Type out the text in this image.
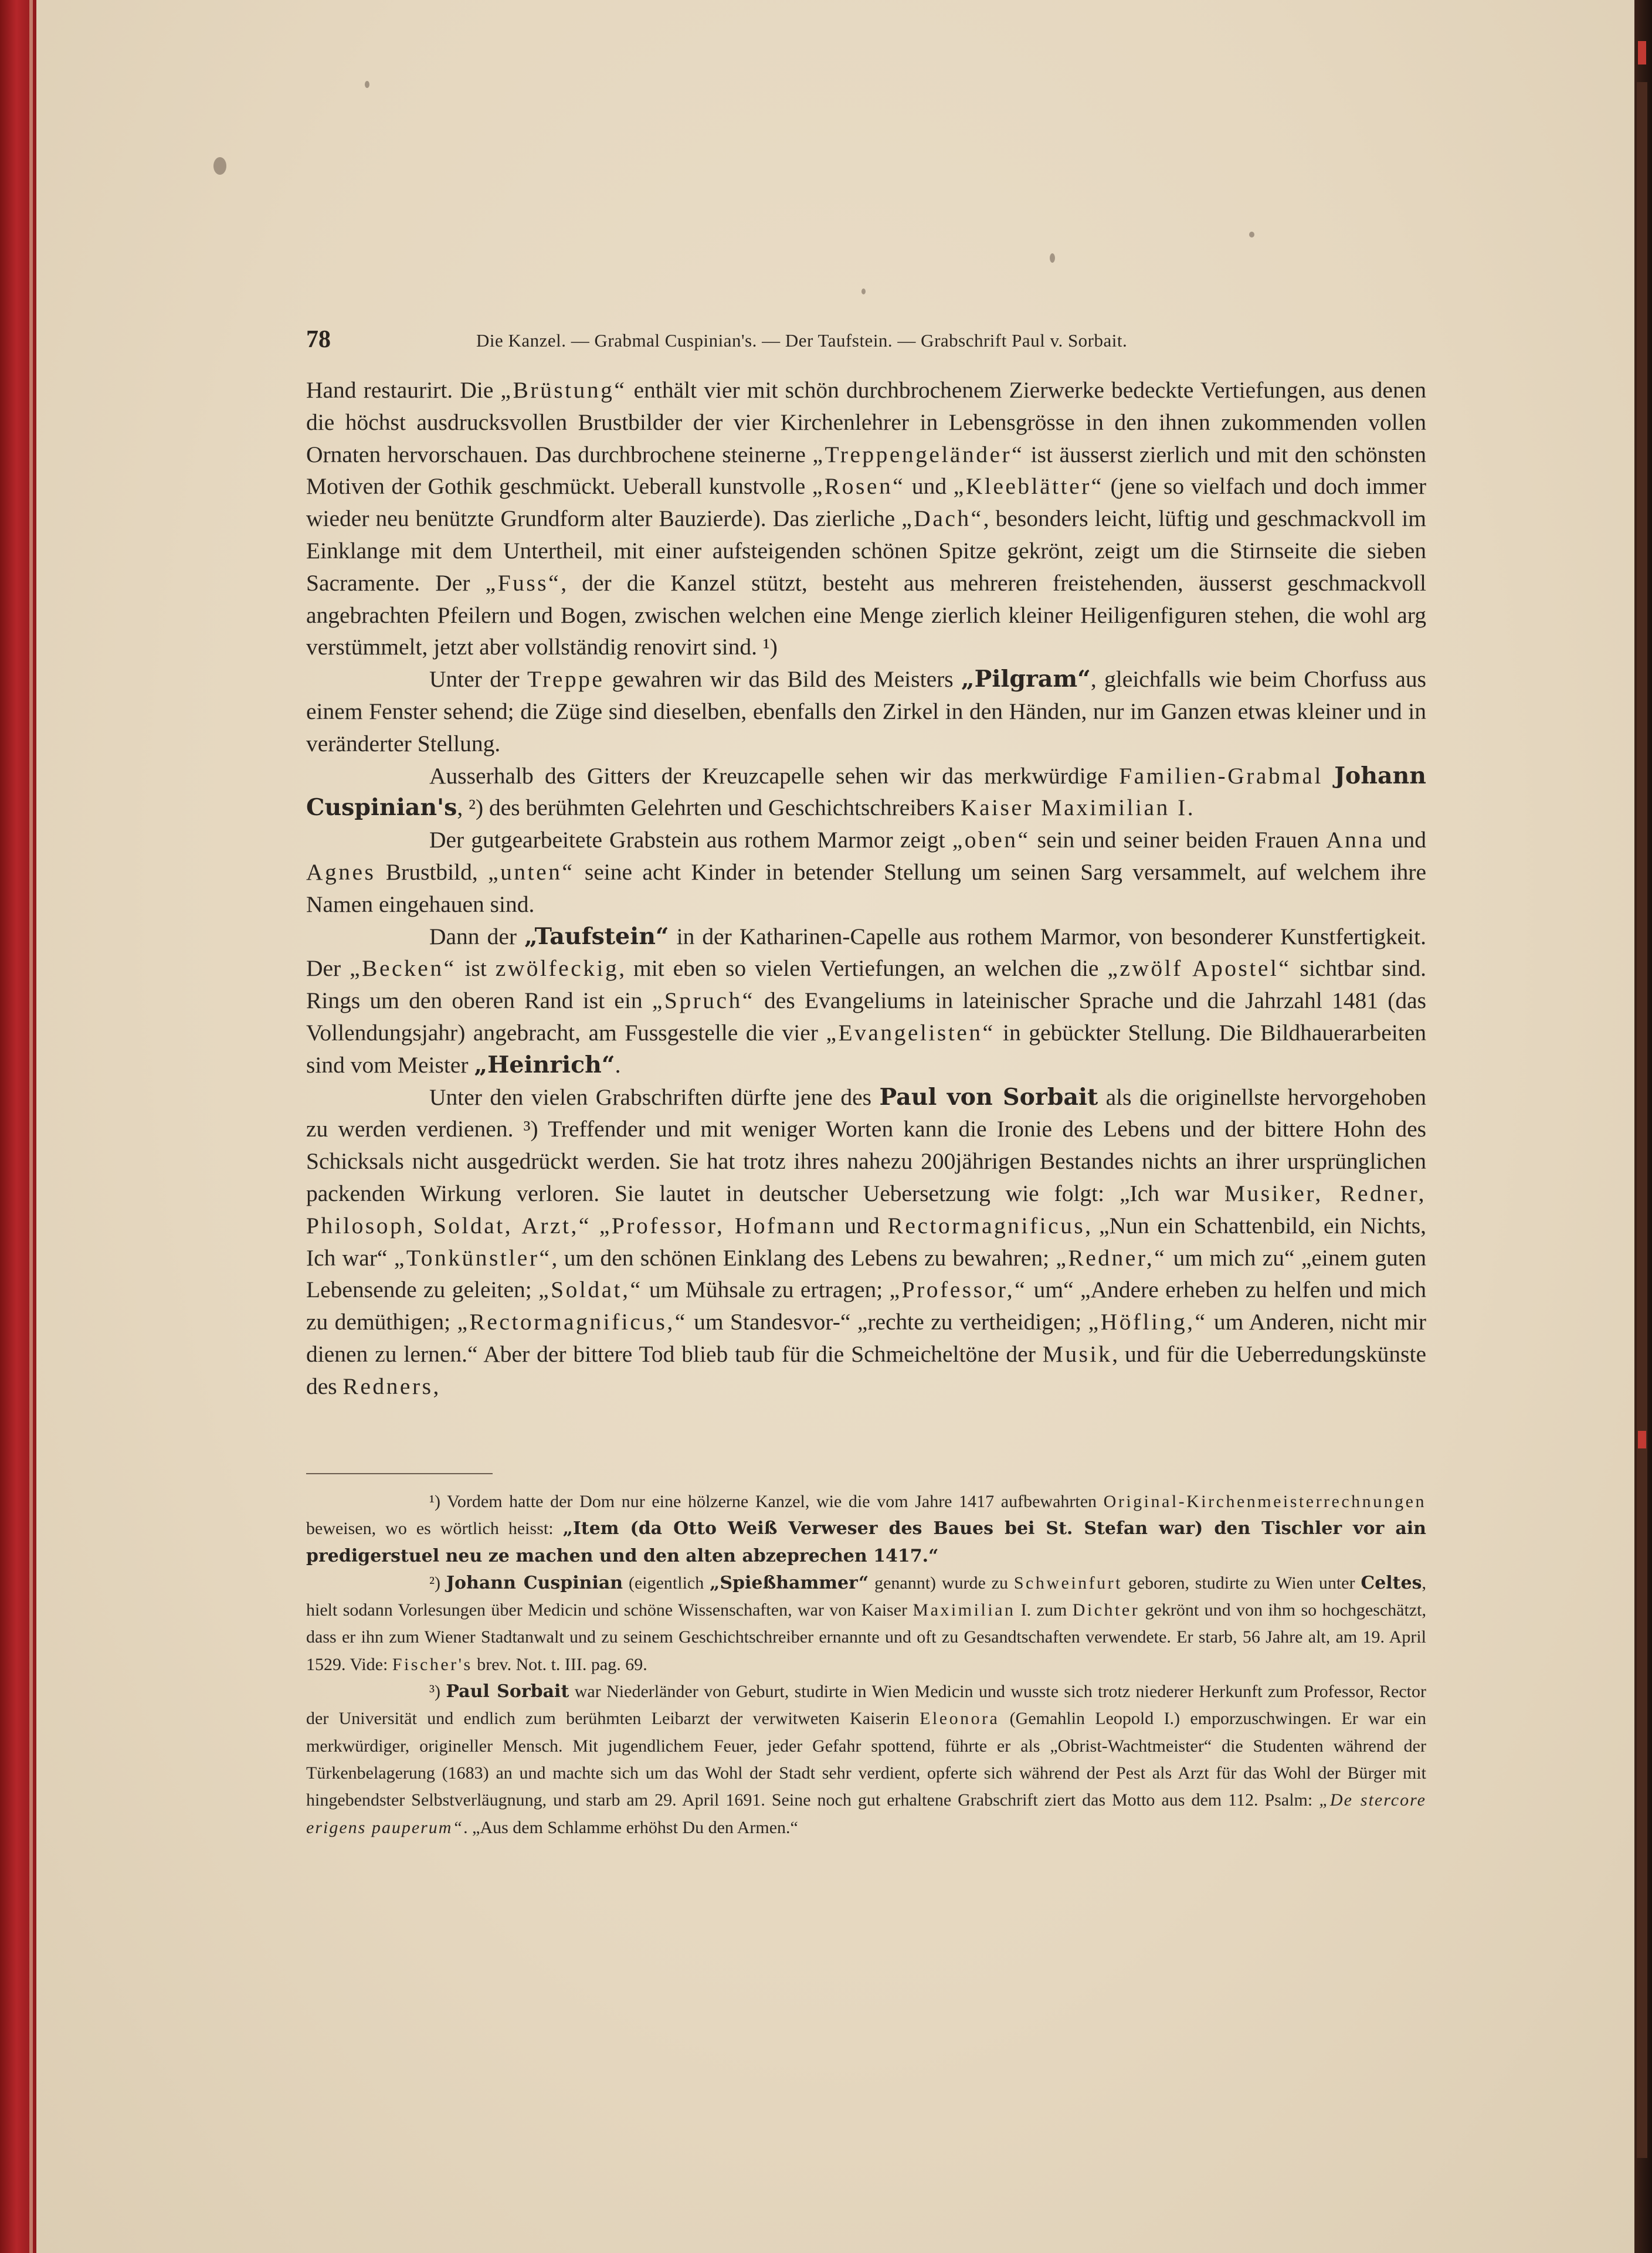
78	Die Kanzel. — Grabmal Cuspinian's. — Der Taufstein. — Grabschrift Paul v. Sorbait.

Hand restaurirt. Die „Brüstung“ enthält vier mit schön durchbrochenem Zierwerke bedeckte Vertiefungen, aus denen die höchst ausdrucksvollen Brustbilder der vier Kirchenlehrer in Lebensgrösse in den ihnen zukommenden vollen Ornaten hervorschauen. Das durchbrochene steinerne „Treppengeländer“ ist äusserst zierlich und mit den schönsten Motiven der Gothik geschmückt. Ueberall kunstvolle „Rosen“ und „Kleeblätter“ (jene so vielfach und doch immer wieder neu benützte Grundform alter Bauzierde). Das zierliche „Dach“, besonders leicht, lüftig und geschmackvoll im Einklange mit dem Untertheil, mit einer aufsteigenden schönen Spitze gekrönt, zeigt um die Stirnseite die sieben Sacramente. Der „Fuss“, der die Kanzel stützt, besteht aus mehreren freistehenden, äusserst geschmackvoll angebrachten Pfeilern und Bogen, zwischen welchen eine Menge zierlich kleiner Heiligenfiguren stehen, die wohl arg verstümmelt, jetzt aber vollständig renovirt sind. ¹)

Unter der Treppe gewahren wir das Bild des Meisters „Pilgram“, gleichfalls wie beim Chorfuss aus einem Fenster sehend; die Züge sind dieselben, ebenfalls den Zirkel in den Händen, nur im Ganzen etwas kleiner und in veränderter Stellung.

Ausserhalb des Gitters der Kreuzcapelle sehen wir das merkwürdige Familien-Grabmal Johann Cuspinian's, ²) des berühmten Gelehrten und Geschichtschreibers Kaiser Maximilian I.

Der gutgearbeitete Grabstein aus rothem Marmor zeigt „oben“ sein und seiner beiden Frauen Anna und Agnes Brustbild, „unten“ seine acht Kinder in betender Stellung um seinen Sarg versammelt, auf welchem ihre Namen eingehauen sind.

Dann der „Taufstein“ in der Katharinen-Capelle aus rothem Marmor, von besonderer Kunstfertigkeit. Der „Becken“ ist zwölfeckig, mit eben so vielen Vertiefungen, an welchen die „zwölf Apostel“ sichtbar sind. Rings um den oberen Rand ist ein „Spruch“ des Evangeliums in lateinischer Sprache und die Jahrzahl 1481 (das Vollendungsjahr) angebracht, am Fussgestelle die vier „Evangelisten“ in gebückter Stellung. Die Bildhauerarbeiten sind vom Meister „Heinrich“.

Unter den vielen Grabschriften dürfte jene des Paul von Sorbait als die originellste hervorgehoben zu werden verdienen. ³) Treffender und mit weniger Worten kann die Ironie des Lebens und der bittere Hohn des Schicksals nicht ausgedrückt werden. Sie hat trotz ihres nahezu 200jährigen Bestandes nichts an ihrer ursprünglichen packenden Wirkung verloren. Sie lautet in deutscher Uebersetzung wie folgt: „Ich war Musiker, Redner, Philosoph, Soldat, Arzt,“ „Professor, Hofmann und Rectormagnificus, „Nun ein Schattenbild, ein Nichts, Ich war“ „Tonkünstler“, um den schönen Einklang des Lebens zu bewahren; „Redner,“ um mich zu“ „einem guten Lebensende zu geleiten; „Soldat,“ um Mühsale zu ertragen; „Professor,“ um“ „Andere erheben zu helfen und mich zu demüthigen; „Rectormagnificus,“ um Standesvor-“ „rechte zu vertheidigen; „Höfling,“ um Anderen, nicht mir dienen zu lernen.“ Aber der bittere Tod blieb taub für die Schmeicheltöne der Musik, und für die Ueberredungskünste des Redners,

¹) Vordem hatte der Dom nur eine hölzerne Kanzel, wie die vom Jahre 1417 aufbewahrten Original-Kirchenmeisterrechnungen beweisen, wo es wörtlich heisst: „Item (da Otto Weiß Verweser des Baues bei St. Stefan war) den Tischler vor ain predigerstuel neu ze machen und den alten abzeprechen 1417.“

²) Johann Cuspinian (eigentlich „Spießhammer“ genannt) wurde zu Schweinfurt geboren, studirte zu Wien unter Celtes, hielt sodann Vorlesungen über Medicin und schöne Wissenschaften, war von Kaiser Maximilian I. zum Dichter gekrönt und von ihm so hochgeschätzt, dass er ihn zum Wiener Stadtanwalt und zu seinem Geschichtschreiber ernannte und oft zu Gesandtschaften verwendete. Er starb, 56 Jahre alt, am 19. April 1529. Vide: Fischer's brev. Not. t. III. pag. 69.

³) Paul Sorbait war Niederländer von Geburt, studirte in Wien Medicin und wusste sich trotz niederer Herkunft zum Professor, Rector der Universität und endlich zum berühmten Leibarzt der verwitweten Kaiserin Eleonora (Gemahlin Leopold I.) emporzuschwingen. Er war ein merkwürdiger, origineller Mensch. Mit jugendlichem Feuer, jeder Gefahr spottend, führte er als „Obrist-Wachtmeister“ die Studenten während der Türkenbelagerung (1683) an und machte sich um das Wohl der Stadt sehr verdient, opferte sich während der Pest als Arzt für das Wohl der Bürger mit hingebendster Selbstverläugnung, und starb am 29. April 1691. Seine noch gut erhaltene Grabschrift ziert das Motto aus dem 112. Psalm: „De stercore erigens pauperum“. „Aus dem Schlamme erhöhst Du den Armen.“
